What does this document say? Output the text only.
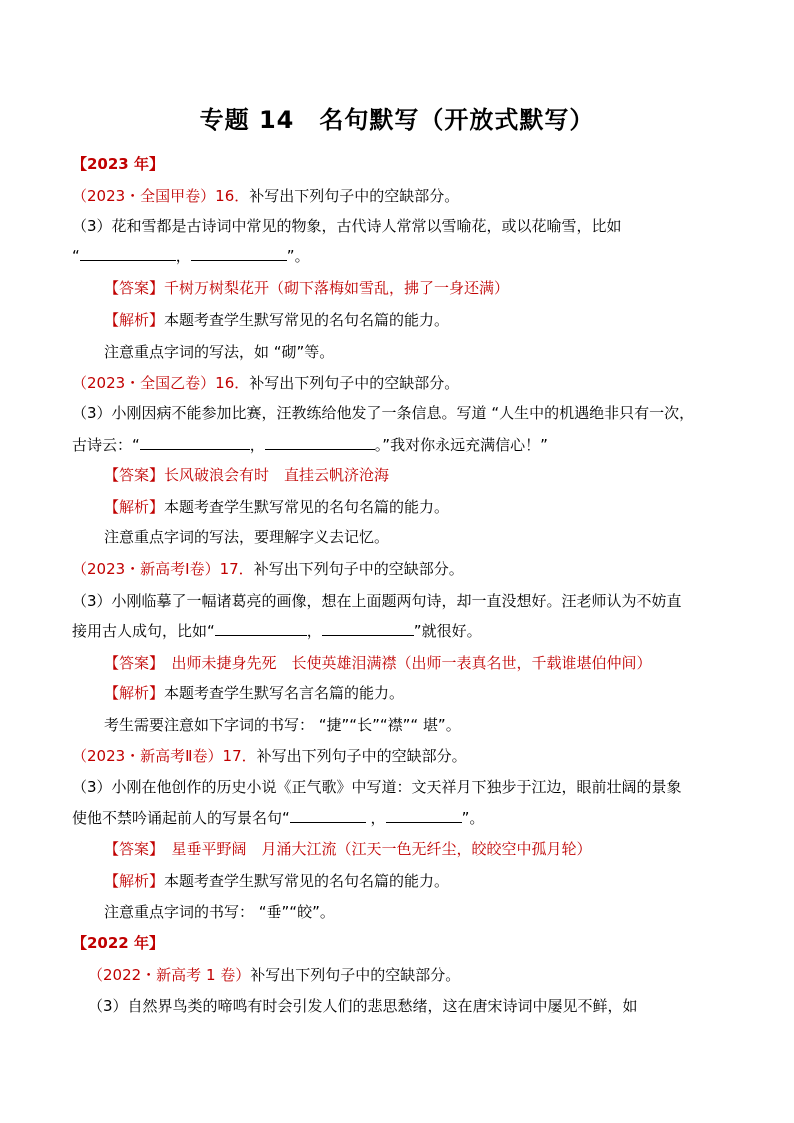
专题 14　名句默写（开放式默写）
【2023 年】
（2023・全国甲卷）16．补写出下列句子中的空缺部分。
（3）花和雪都是古诗词中常见的物象，古代诗人常常以雪喻花，或以花喻雪，比如
“	，	”。
【答案】千树万树梨花开（砌下落梅如雪乱，拂了一身还满）
【解析】本题考查学生默写常见的名句名篇的能力。
注意重点字词的写法，如 “砌”等。
（2023・全国乙卷）16．补写出下列句子中的空缺部分。
（3）小刚因病不能参加比赛，汪教练给他发了一条信息。写道 “人生中的机遇绝非只有一次，
古诗云：“	，	。”我对你永远充满信心！”
【答案】长风破浪会有时　直挂云帆济沧海
【解析】本题考查学生默写常见的名句名篇的能力。
注意重点字词的写法，要理解字义去记忆。
（2023・新高考Ⅰ卷）17．补写出下列句子中的空缺部分。
（3）小刚临摹了一幅诸葛亮的画像，想在上面题两句诗，却一直没想好。汪老师认为不妨直
接用古人成句，比如“	，	”就很好。
【答案】　出师未捷身先死　长使英雄泪满襟（出师一表真名世，千载谁堪伯仲间）
【解析】本题考查学生默写名言名篇的能力。
考生需要注意如下字词的书写： “捷”“长”“襟”“ 堪”。
（2023・新高考Ⅱ卷）17．补写出下列句子中的空缺部分。
（3）小刚在他创作的历史小说《正气歌》中写道：文天祥月下独步于江边，眼前壮阔的景象
使他不禁吟诵起前人的写景名句“	，	”。
【答案】　星垂平野阔　月涌大江流（江天一色无纤尘，皎皎空中孤月轮）
【解析】本题考查学生默写常见的名句名篇的能力。
注意重点字词的书写： “垂”“皎”。
【2022 年】
（2022・新高考 1 卷）补写出下列句子中的空缺部分。
（3）自然界鸟类的啼鸣有时会引发人们的悲思愁绪，这在唐宋诗词中屡见不鲜，如
